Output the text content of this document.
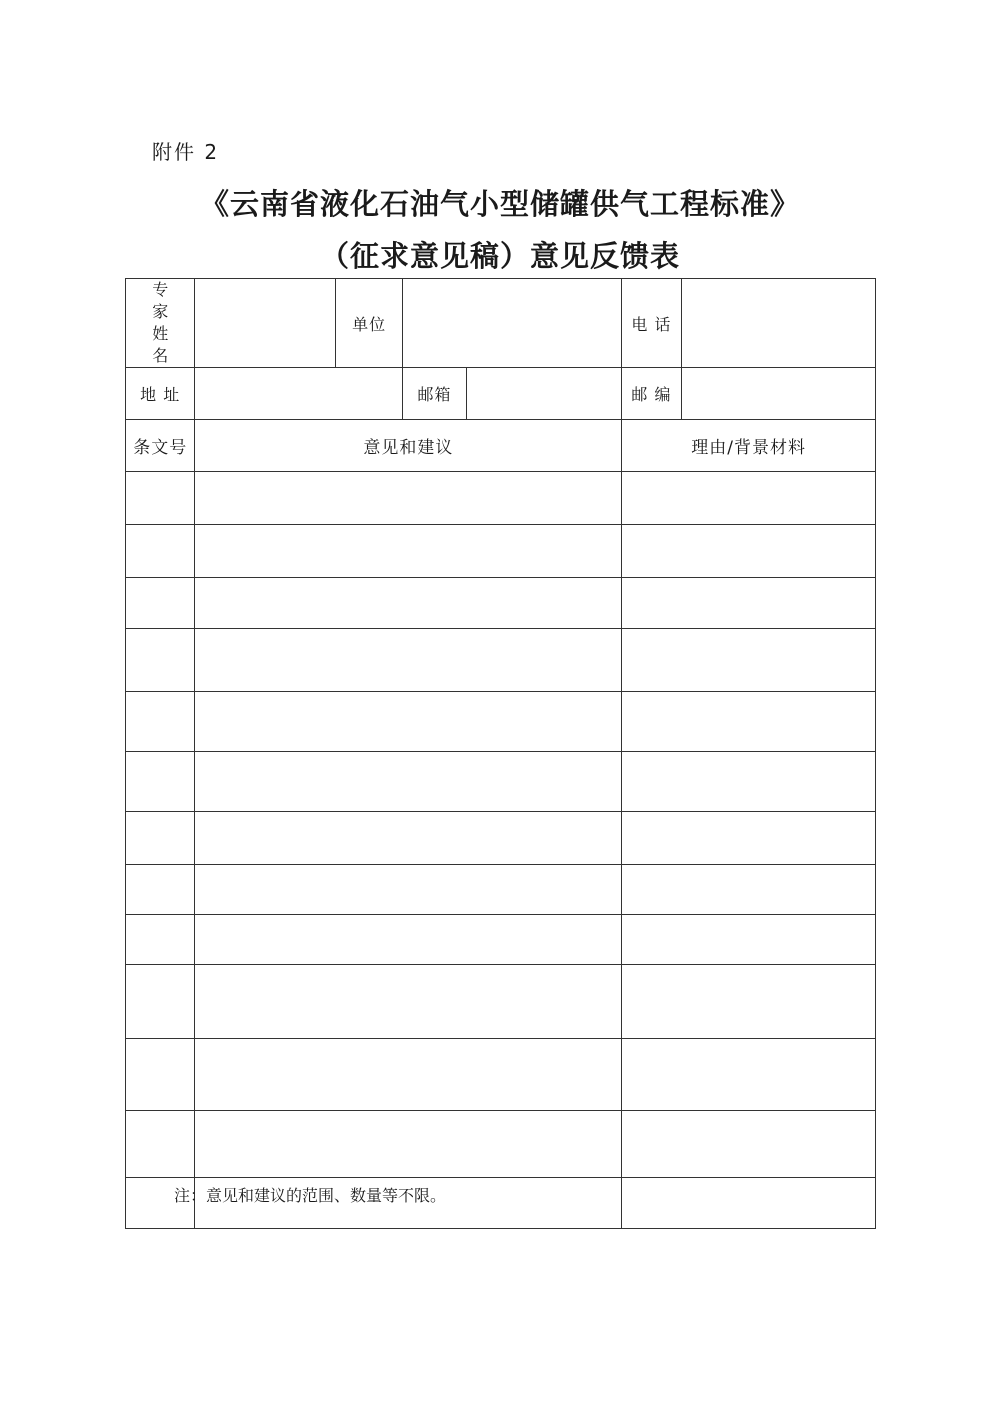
附件 2
《云南省液化石油气小型储罐供气工程标准》
（征求意见稿）意见反馈表
专 家
姓 名		单位			电 话	
地 址			邮箱		邮 编	
条文号	意见和建议				理由/背景材料	

注：意见和建议的范围、数量等不限。
